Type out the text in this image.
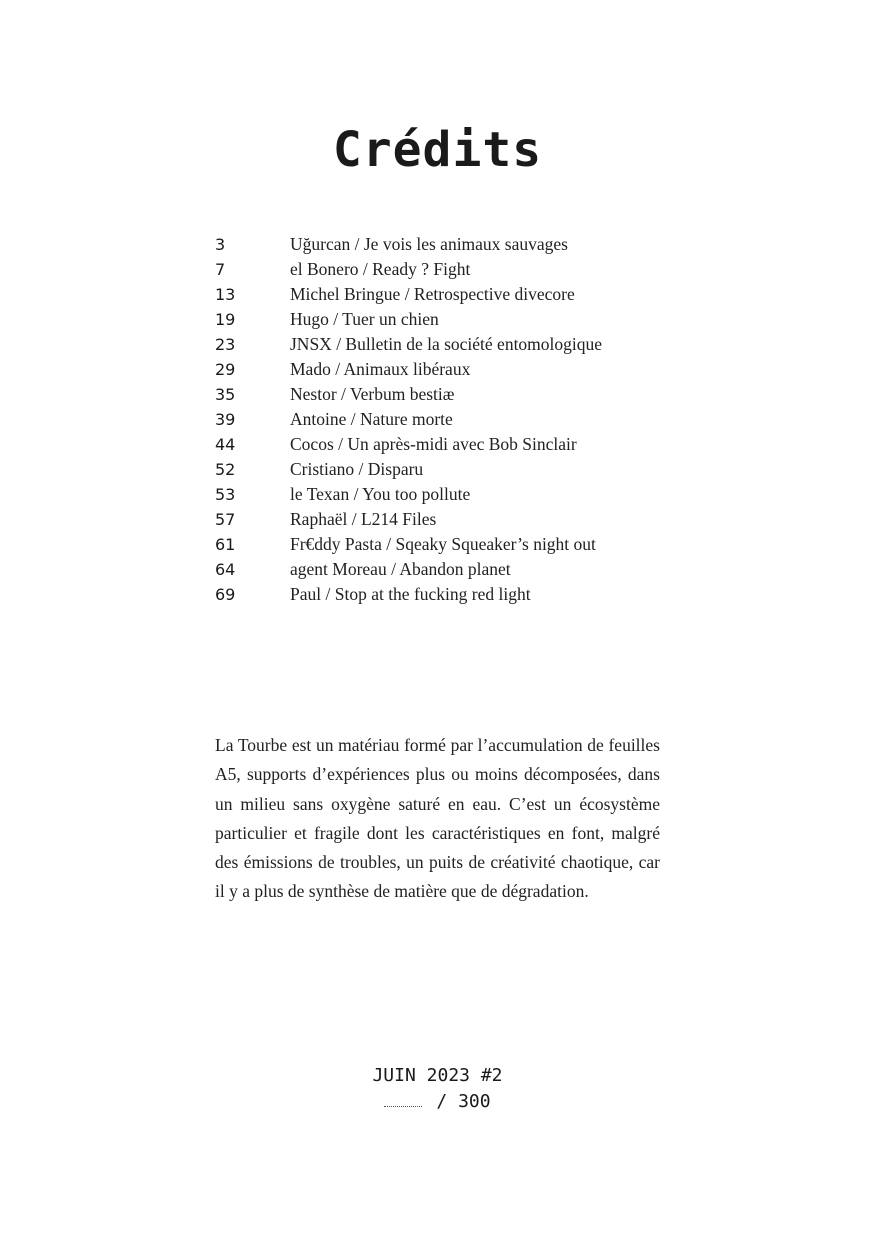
Crédits
3	Uğurcan / Je vois les animaux sauvages
7	el Bonero / Ready ? Fight
13	Michel Bringue / Retrospective divecore
19	Hugo / Tuer un chien
23	JNSX / Bulletin de la société entomologique
29	Mado / Animaux libéraux
35	Nestor / Verbum bestiæ
39	Antoine / Nature morte
44	Cocos / Un après-midi avec Bob Sinclair
52	Cristiano / Disparu
53	le Texan / You too pollute
57	Raphaël / L214 Files
61	Fr€ddy Pasta / Sqeaky Squeaker’s night out
64	agent Moreau / Abandon planet
69	Paul / Stop at the fucking red light

La Tourbe est un matériau formé par l’accumulation de feuilles A5, supports d’expériences plus ou moins décomposées, dans un milieu sans oxygène saturé en eau. C’est un écosystème particulier et fragile dont les caractéristiques en font, malgré des émissions de troubles, un puits de créativité chaotique, car il y a plus de synthèse de matière que de dégradation.

JUIN 2023 #2
/ 300
